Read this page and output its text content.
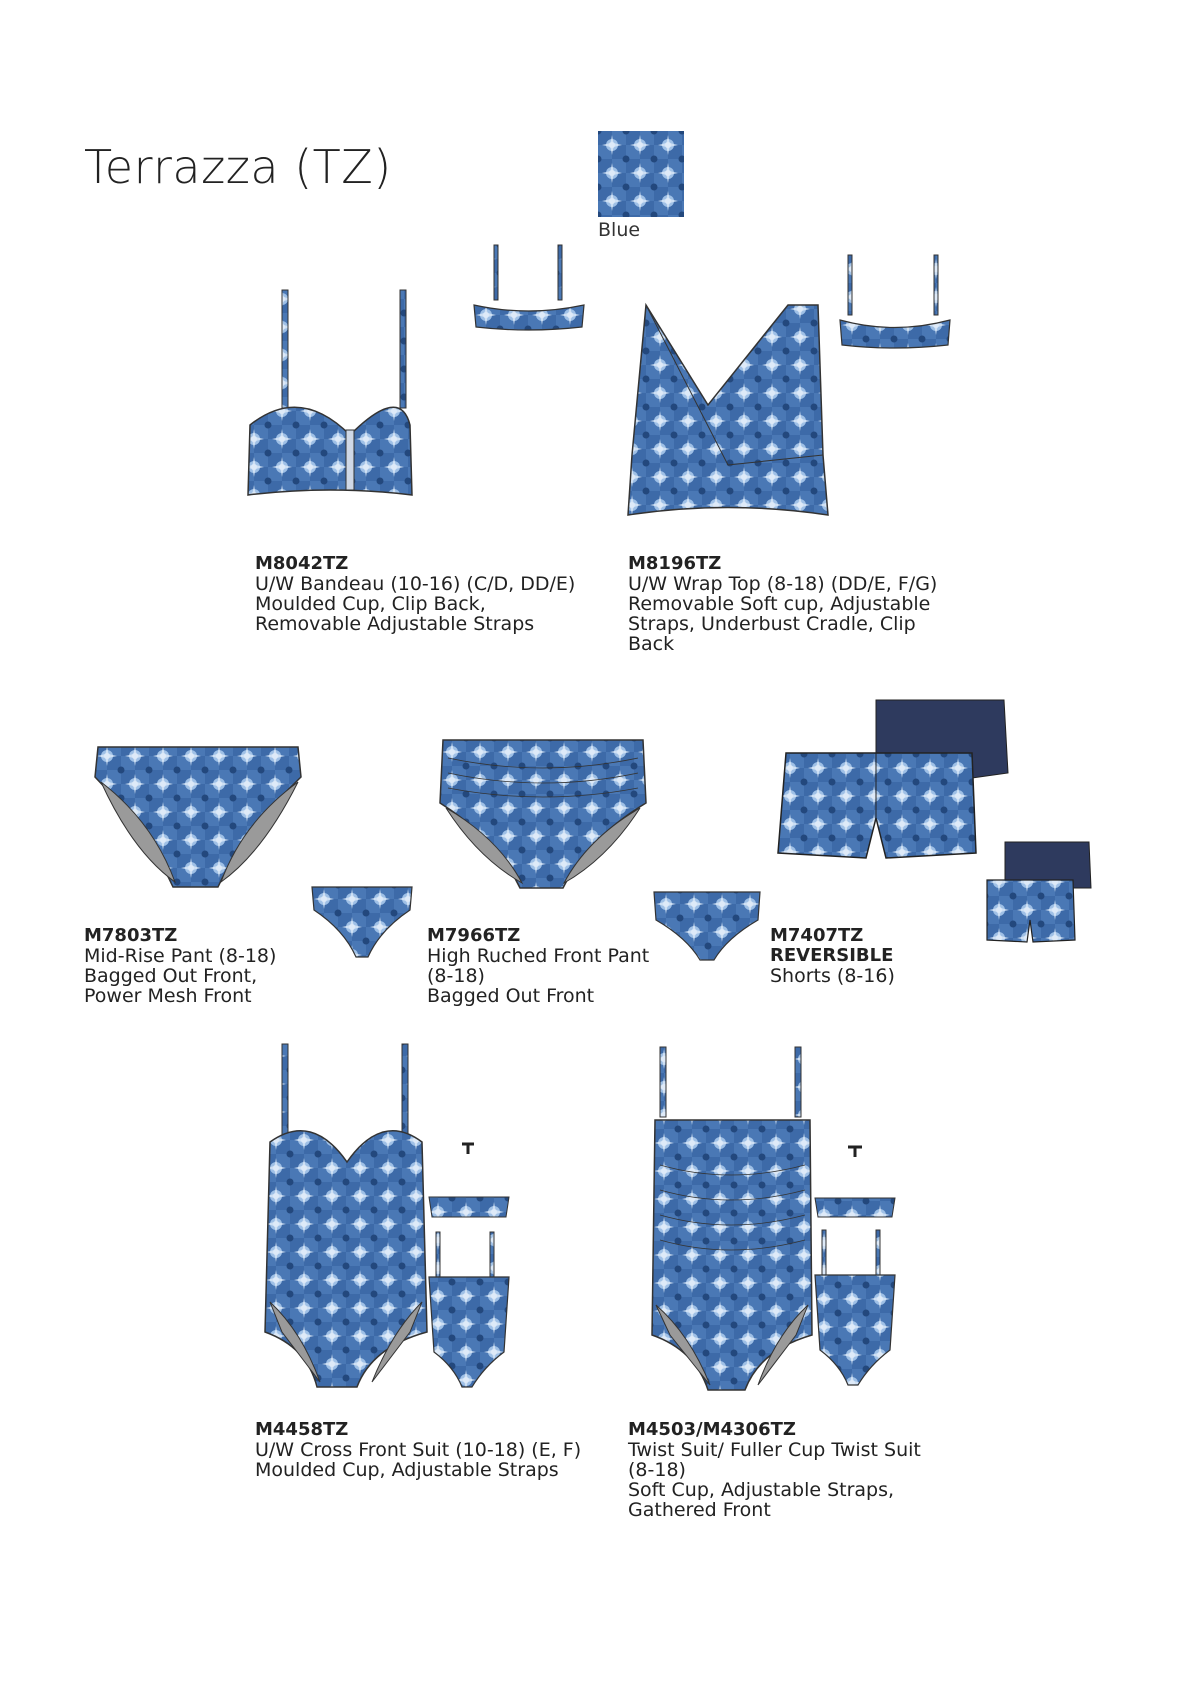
Terrazza (TZ)
Blue
M8042TZ
U/W Bandeau (10-16) (C/D, DD/E)
Moulded Cup, Clip Back,
Removable Adjustable Straps
M8196TZ
U/W Wrap Top (8-18) (DD/E, F/G)
Removable Soft cup, Adjustable
Straps, Underbust Cradle, Clip
Back
M7803TZ
Mid-Rise Pant (8-18)
Bagged Out Front,
Power Mesh Front
M7966TZ
High Ruched Front Pant
(8-18)
Bagged Out Front
M7407TZ
REVERSIBLE
Shorts (8-16)
M4458TZ
U/W Cross Front Suit (10-18) (E, F)
Moulded Cup, Adjustable Straps
M4503/M4306TZ
Twist Suit/ Fuller Cup Twist Suit
(8-18)
Soft Cup, Adjustable Straps,
Gathered Front
